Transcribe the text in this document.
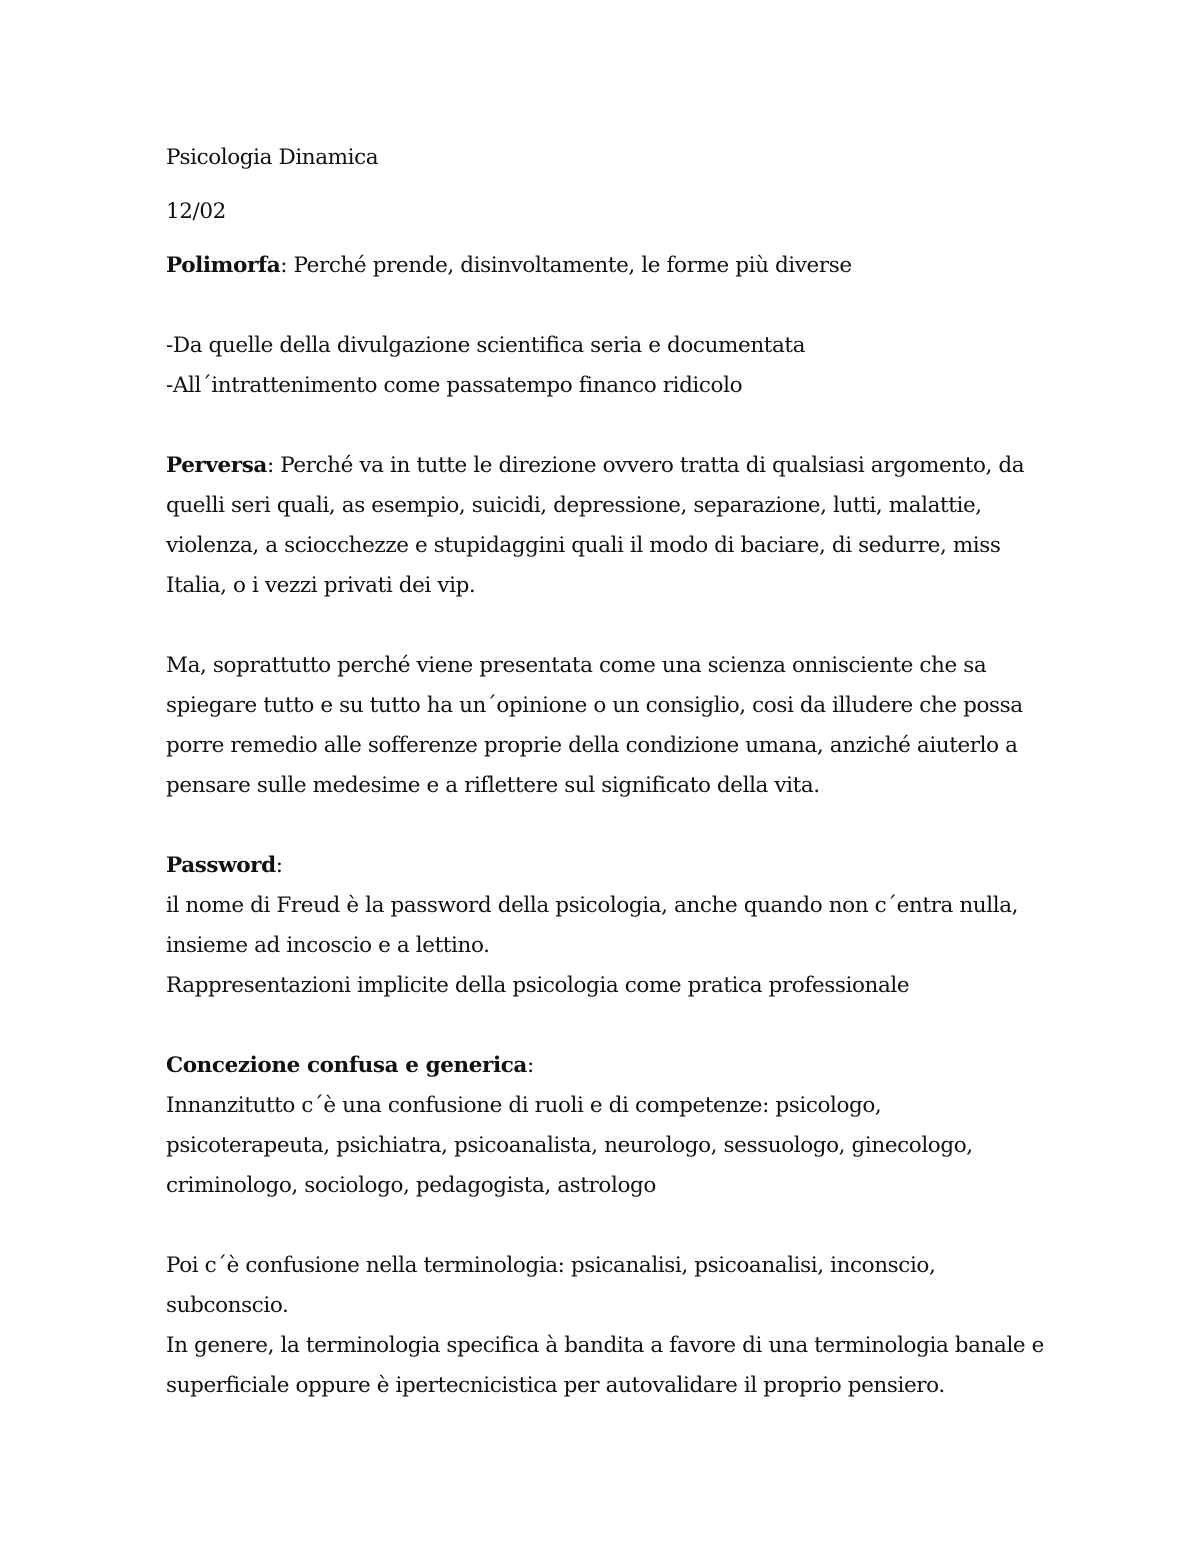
Psicologia Dinamica
12/02
Polimorfa: Perché prende, disinvoltamente, le forme più diverse
-Da quelle della divulgazione scientifica seria e documentata
-All´intrattenimento come passatempo financo ridicolo
Perversa: Perché va in tutte le direzione ovvero tratta di qualsiasi argomento, da
quelli seri quali, as esempio, suicidi, depressione, separazione, lutti, malattie,
violenza, a sciocchezze e stupidaggini quali il modo di baciare, di sedurre, miss
Italia, o i vezzi privati dei vip.
Ma, soprattutto perché viene presentata come una scienza onnisciente che sa
spiegare tutto e su tutto ha un´opinione o un consiglio, cosi da illudere che possa
porre remedio alle sofferenze proprie della condizione umana, anziché aiuterlo a
pensare sulle medesime e a riflettere sul significato della vita.
Password:
il nome di Freud è la password della psicologia, anche quando non c´entra nulla,
insieme ad incoscio e a lettino.
Rappresentazioni implicite della psicologia come pratica professionale
Concezione confusa e generica:
Innanzitutto c´è una confusione di ruoli e di competenze: psicologo,
psicoterapeuta, psichiatra, psicoanalista, neurologo, sessuologo, ginecologo,
criminologo, sociologo, pedagogista, astrologo
Poi c´è confusione nella terminologia: psicanalisi, psicoanalisi, inconscio,
subconscio.
In genere, la terminologia specifica à bandita a favore di una terminologia banale e
superficiale oppure è ipertecnicistica per autovalidare il proprio pensiero.
